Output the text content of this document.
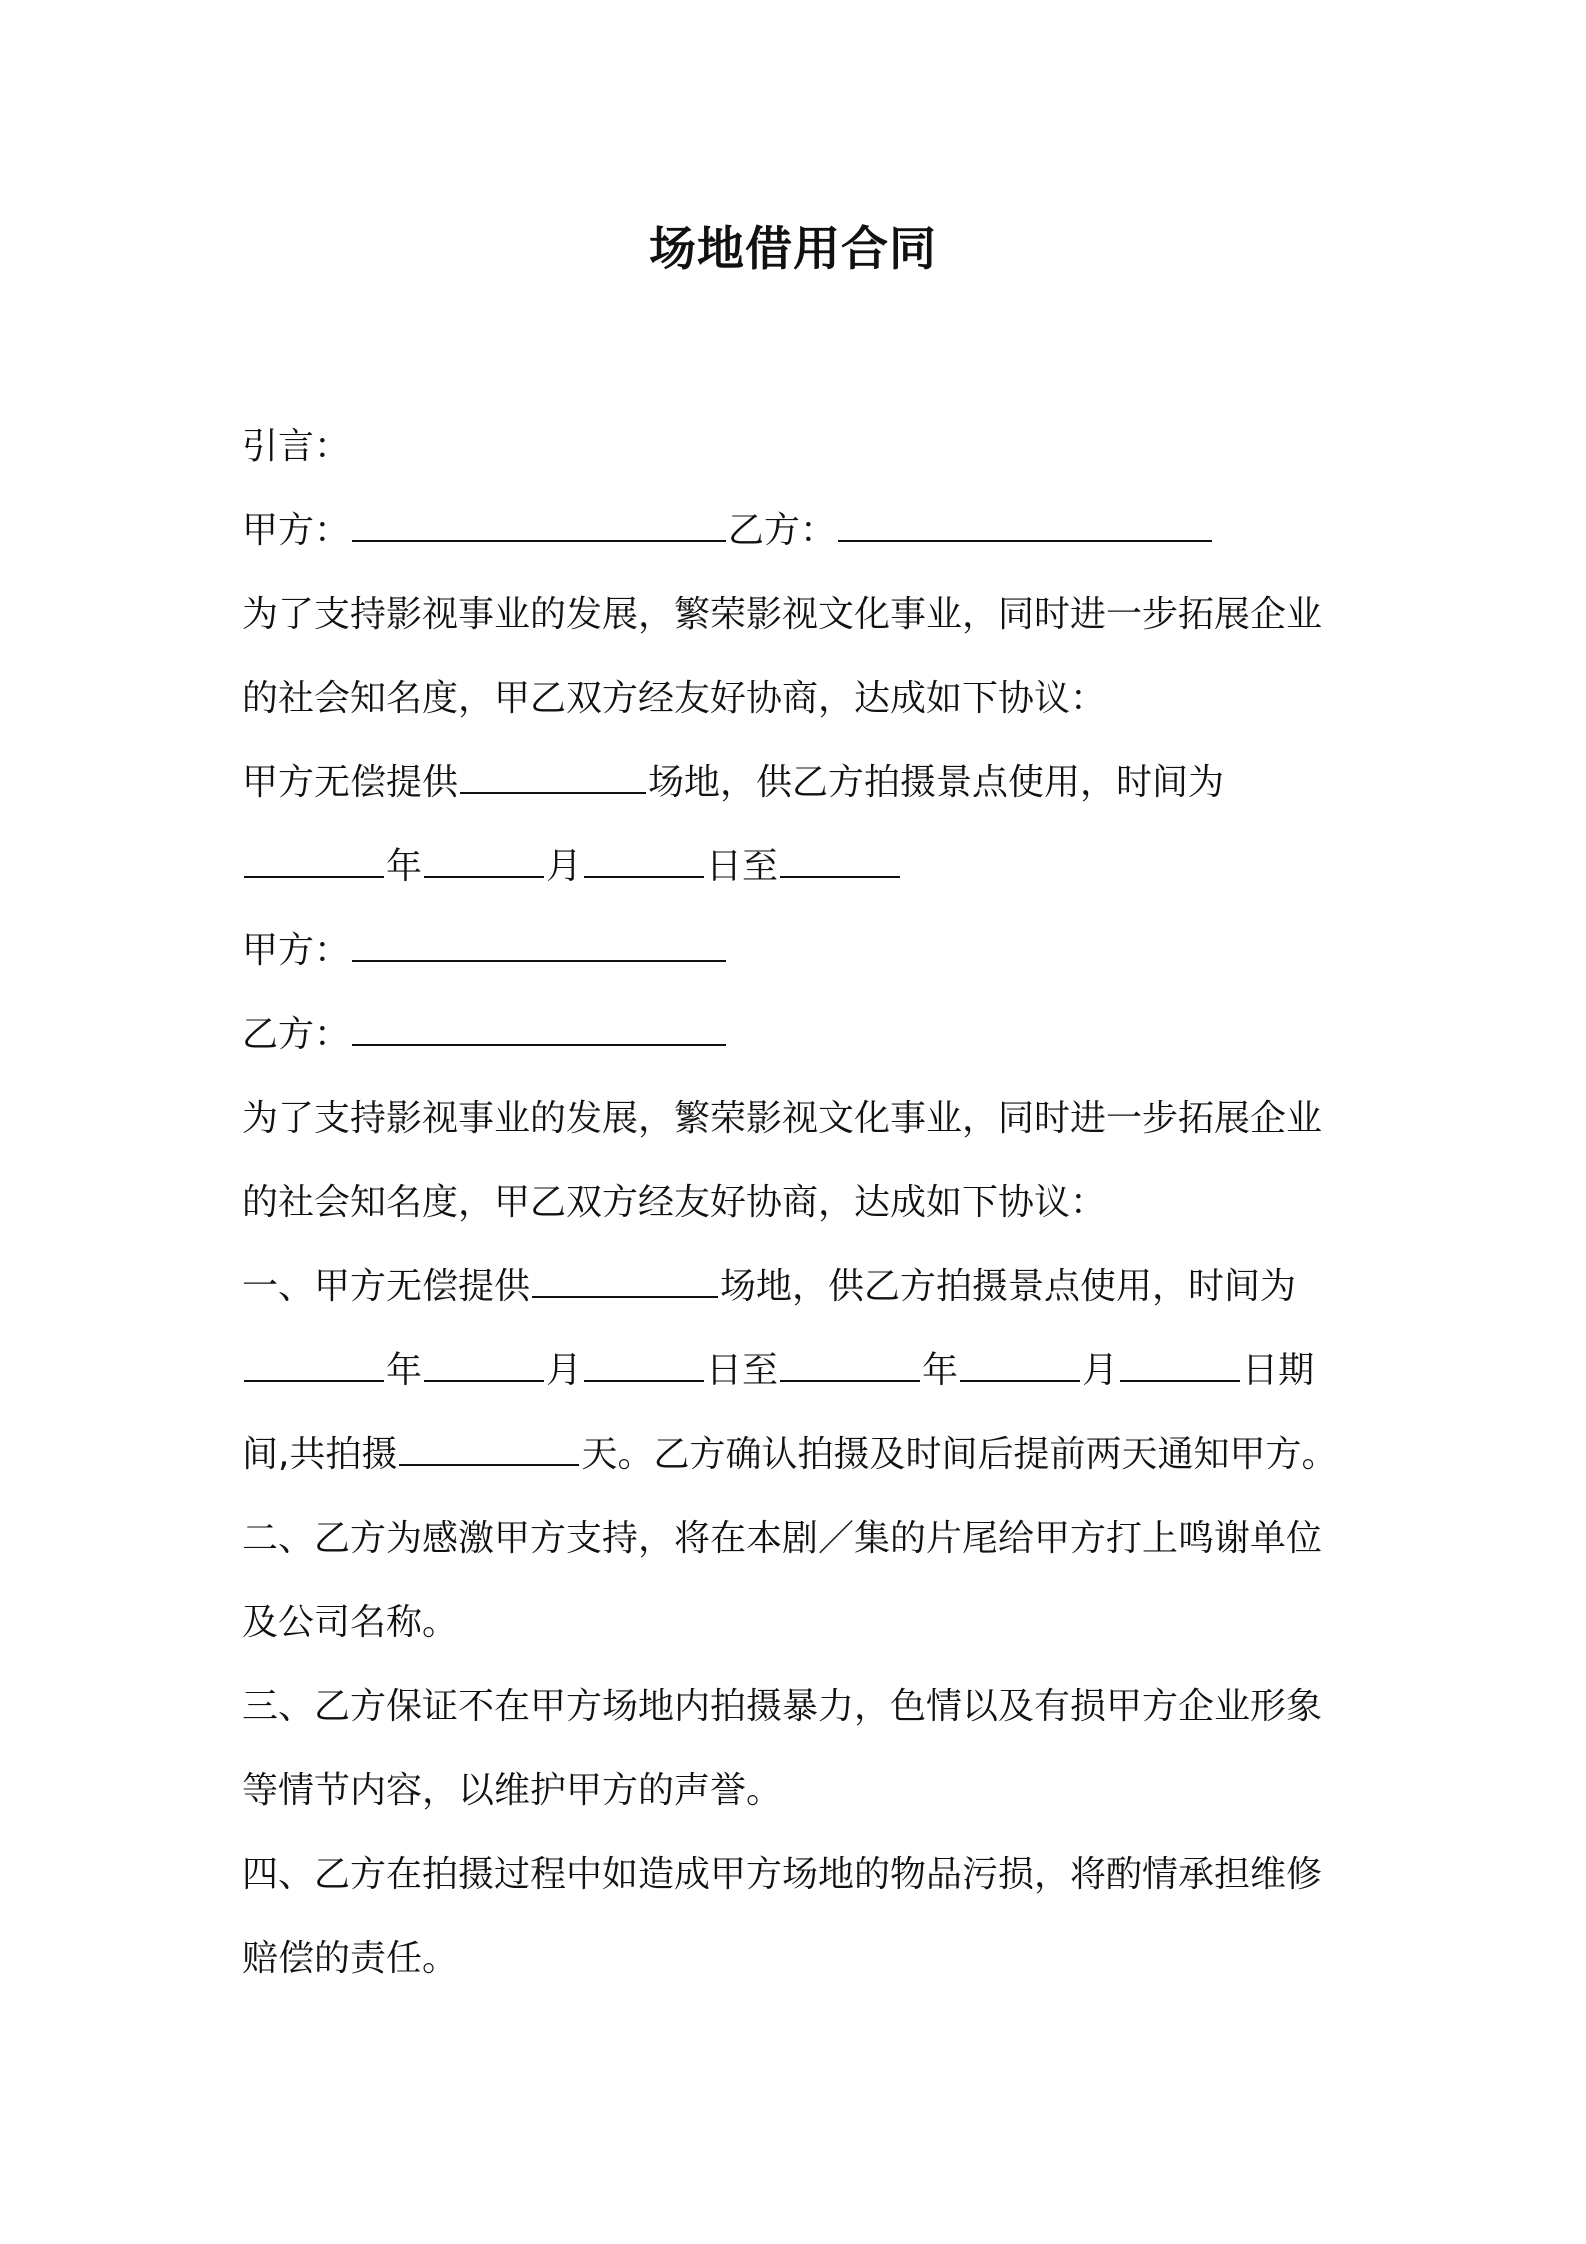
场地借用合同
引言：
甲方：	乙方：
为了支持影视事业的发展，繁荣影视文化事业，同时进一步拓展企业
的社会知名度，甲乙双方经友好协商，达成如下协议：
甲方无偿提供	场地，供乙方拍摄景点使用，时间为
年	月	日至
甲方：
乙方：
为了支持影视事业的发展，繁荣影视文化事业，同时进一步拓展企业
的社会知名度，甲乙双方经友好协商，达成如下协议：
一、甲方无偿提供	场地，供乙方拍摄景点使用，时间为
年	月	日至	年	月	日期
间,共拍摄	天。乙方确认拍摄及时间后提前两天通知甲方。
二、乙方为感激甲方支持，将在本剧／集的片尾给甲方打上鸣谢单位
及公司名称。
三、乙方保证不在甲方场地内拍摄暴力，色情以及有损甲方企业形象
等情节内容，以维护甲方的声誉。
四、乙方在拍摄过程中如造成甲方场地的物品污损，将酌情承担维修
赔偿的责任。
